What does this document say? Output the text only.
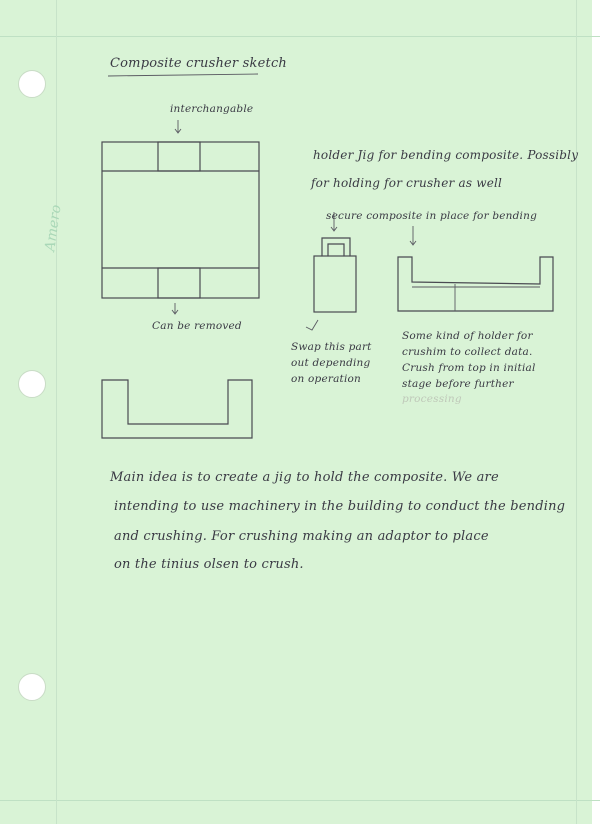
Amero
Composite crusher sketch
interchangable
Can be removed
holder Jig for bending composite. Possibly
for holding for crusher as well
secure composite in place for bending
Swap this part
out depending
on operation
Some kind of holder for
crushim to collect data.
Crush from top in initial
stage before further
processing
Main idea is to create a jig to hold the composite. We are
intending to use machinery in the building to conduct the bending
and crushing. For crushing making an adaptor to place
on the tinius olsen to crush.
